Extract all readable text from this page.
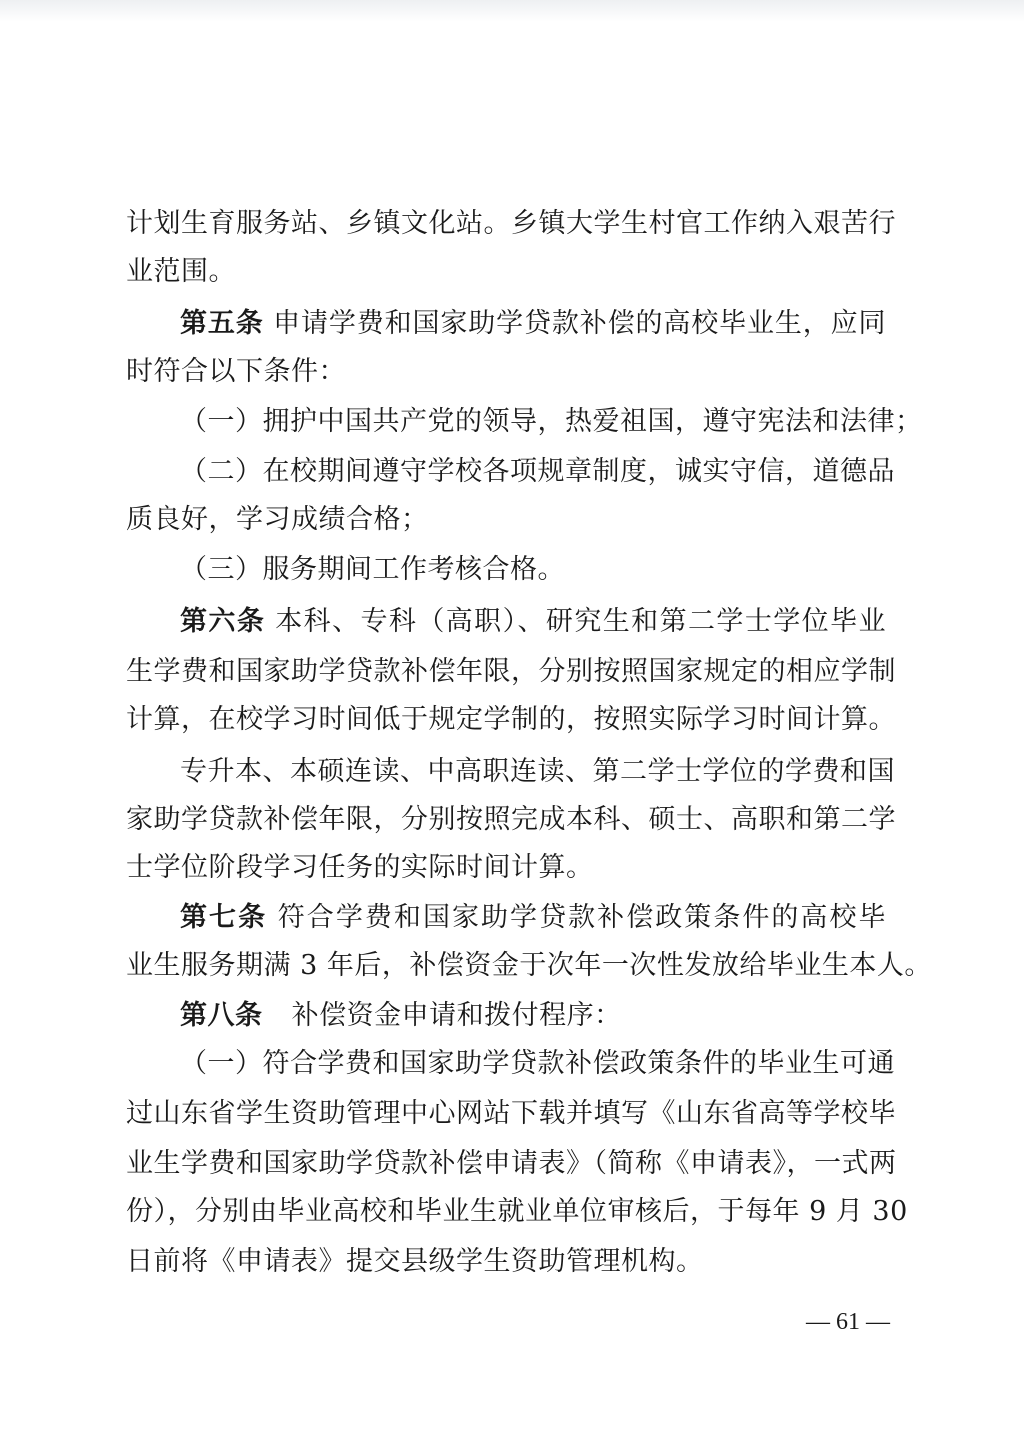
计划生育服务站、乡镇文化站。乡镇大学生村官工作纳入艰苦行
业范围。
第五条 申请学费和国家助学贷款补偿的高校毕业生，应同
时符合以下条件：
（一）拥护中国共产党的领导，热爱祖国，遵守宪法和法律；
（二）在校期间遵守学校各项规章制度，诚实守信，道德品
质良好，学习成绩合格；
（三）服务期间工作考核合格。
第六条 本科、专科（高职）、研究生和第二学士学位毕业
生学费和国家助学贷款补偿年限，分别按照国家规定的相应学制
计算，在校学习时间低于规定学制的，按照实际学习时间计算。
专升本、本硕连读、中高职连读、第二学士学位的学费和国
家助学贷款补偿年限，分别按照完成本科、硕士、高职和第二学
士学位阶段学习任务的实际时间计算。
第七条 符合学费和国家助学贷款补偿政策条件的高校毕
业生服务期满 3 年后，补偿资金于次年一次性发放给毕业生本人。
第八条 补偿资金申请和拨付程序：
（一）符合学费和国家助学贷款补偿政策条件的毕业生可通
过山东省学生资助管理中心网站下载并填写《山东省高等学校毕
业生学费和国家助学贷款补偿申请表》（简称《申请表》，一式两
份），分别由毕业高校和毕业生就业单位审核后，于每年 9 月 30
日前将《申请表》提交县级学生资助管理机构。
— 61 —
